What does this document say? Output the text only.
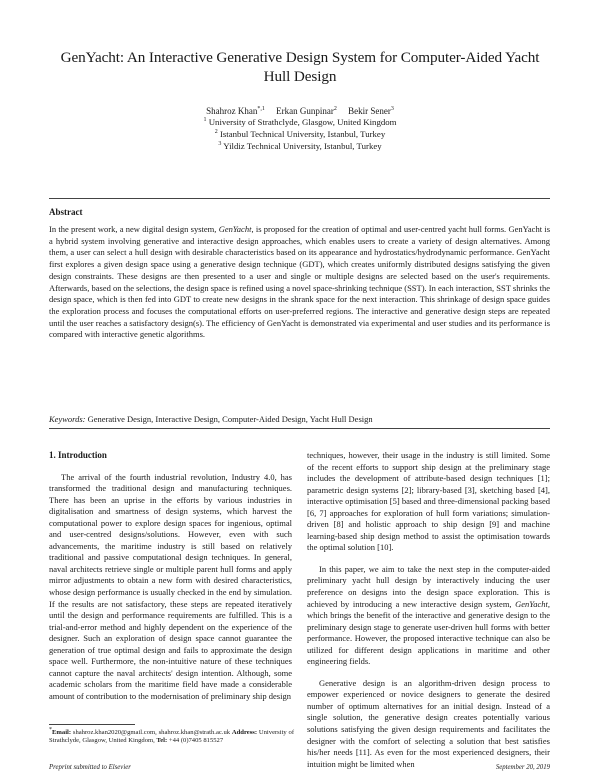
GenYacht: An Interactive Generative Design System for Computer-Aided Yacht Hull Design
Shahroz Khan$^{*,1}$ Erkan Gunpinar$^2$ Bekir Sener$^3$
$^1$ University of Strathclyde, Glasgow, United Kingdom
$^2$ Istanbul Technical University, Istanbul, Turkey
$^3$ Yildiz Technical University, Istanbul, Turkey
Abstract
In the present work, a new digital design system, GenYacht, is proposed for the creation of optimal and user-centred yacht hull forms. GenYacht is a hybrid system involving generative and interactive design approaches, which enables users to create a variety of design alternatives. Among them, a user can select a hull design with desirable characteristics based on its appearance and hydrostatics/hydrodynamic performance. GenYacht first explores a given design space using a generative design technique (GDT), which creates uniformly distributed designs satisfying the given design constraints. These designs are then presented to a user and single or multiple designs are selected based on the user's requirements. Afterwards, based on the selections, the design space is refined using a novel space-shrinking technique (SST). In each interaction, SST shrinks the design space, which is then fed into GDT to create new designs in the shrank space for the next interaction. This shrinkage of design space guides the exploration process and focuses the computational efforts on user-preferred regions. The interactive and generative design steps are repeated until the user reaches a satisfactory design(s). The efficiency of GenYacht is demonstrated via experimental and user studies and its performance is compared with interactive genetic algorithms.
Keywords: Generative Design, Interactive Design, Computer-Aided Design, Yacht Hull Design
1. Introduction

The arrival of the fourth industrial revolution, Industry 4.0, has transformed the traditional design and manufacturing techniques. There has been an uprise in the efforts by various industries in digitalisation and smartness of design systems, which harvest the computational power to explore design spaces for ingenious, optimal and user-centred designs/solutions. However, even with such advancements, the maritime industry is still based on relatively traditional and passive computational design techniques. In general, naval architects retrieve single or multiple parent hull forms and apply mirror adjustments to obtain a new form with desired characteristics, whose design performance is usually checked in the end by simulation. If the results are not satisfactory, these steps are repeated iteratively until the design and performance requirements are fulfilled. This is a trial-and-error method and highly dependent on the experience of the designer. Such an exploration of design space cannot guarantee the generation of true optimal design and fails to approximate the design space well. Furthermore, the non-intuitive nature of these techniques cannot capture the naval architects' design intention. Although, some academic scholars from the maritime field have made a considerable amount of contribution to the modernisation of preliminary ship design

techniques, however, their usage in the industry is still limited. Some of the recent efforts to support ship design at the preliminary stage includes the development of attribute-based design techniques [1]; parametric design systems [2]; library-based [3], sketching based [4], interactive optimisation [5] based and three-dimensional packing based [6, 7] approaches for exploration of hull form variations; simulation-driven [8] and holistic approach to ship design [9] and machine learning-based ship design method to assist the optimisation towards the optimal solution [10].

In this paper, we aim to take the next step in the computer-aided preliminary yacht hull design by interactively inducing the user preference on designs into the design space exploration. This is achieved by introducing a new interactive design system, GenYacht, which brings the benefit of the interactive and generative design to the preliminary design stage to generate user-driven hull forms with better performance. However, the proposed interactive technique can also be utilized for different design applications in maritime and other engineering fields.

Generative design is an algorithm-driven design process to empower experienced or novice designers to generate the desired number of optimum alternatives for an initial design. Instead of a single solution, the generative design creates potentially various solutions satisfying the given design requirements and facilitates the designer with the comfort of selecting a solution that best satisfies his/her needs [11]. As even for the most experienced designers, their intuition might be limited when

*Email: shahroz.khan2020@gmail.com, shahroz.khan@strath.ac.uk Address: University of Strathclyde, Glasgow, United Kingdom, Tel: +44 (0)7405 815527
Preprint submitted to Elsevier	September 20, 2019
